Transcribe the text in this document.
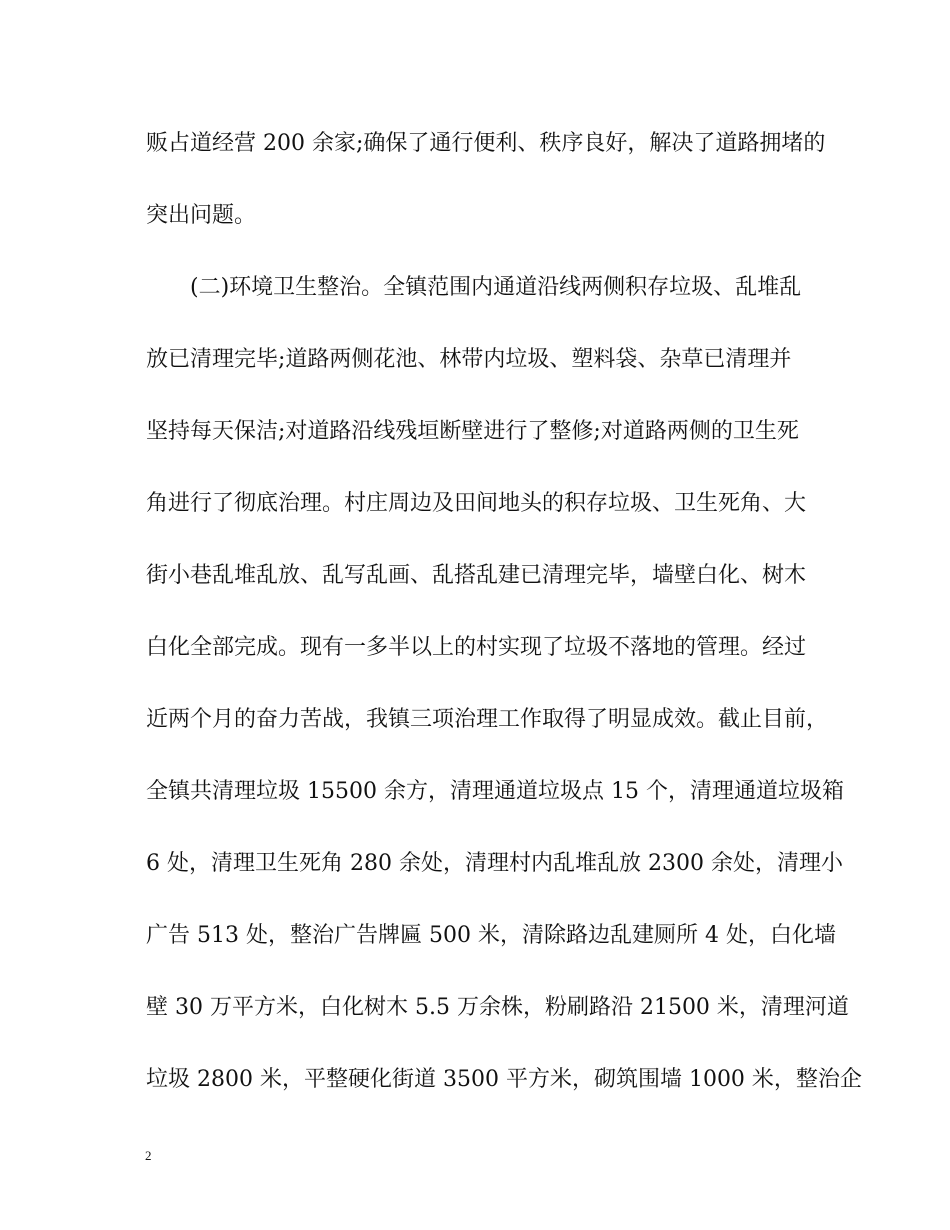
贩占道经营 200 余家;确保了通行便利、秩序良好，解决了道路拥堵的
突出问题。
　　(二)环境卫生整治。全镇范围内通道沿线两侧积存垃圾、乱堆乱
放已清理完毕;道路两侧花池、林带内垃圾、塑料袋、杂草已清理并
坚持每天保洁;对道路沿线残垣断壁进行了整修;对道路两侧的卫生死
角进行了彻底治理。村庄周边及田间地头的积存垃圾、卫生死角、大
街小巷乱堆乱放、乱写乱画、乱搭乱建已清理完毕，墙壁白化、树木
白化全部完成。现有一多半以上的村实现了垃圾不落地的管理。经过
近两个月的奋力苦战，我镇三项治理工作取得了明显成效。截止目前，
全镇共清理垃圾 15500 余方，清理通道垃圾点 15 个，清理通道垃圾箱
6 处，清理卫生死角 280 余处，清理村内乱堆乱放 2300 余处，清理小
广告 513 处，整治广告牌匾 500 米，清除路边乱建厕所 4 处，白化墙
壁 30 万平方米，白化树木 5.5 万余株，粉刷路沿 21500 米，清理河道
垃圾 2800 米，平整硬化街道 3500 平方米，砌筑围墙 1000 米，整治企
2
